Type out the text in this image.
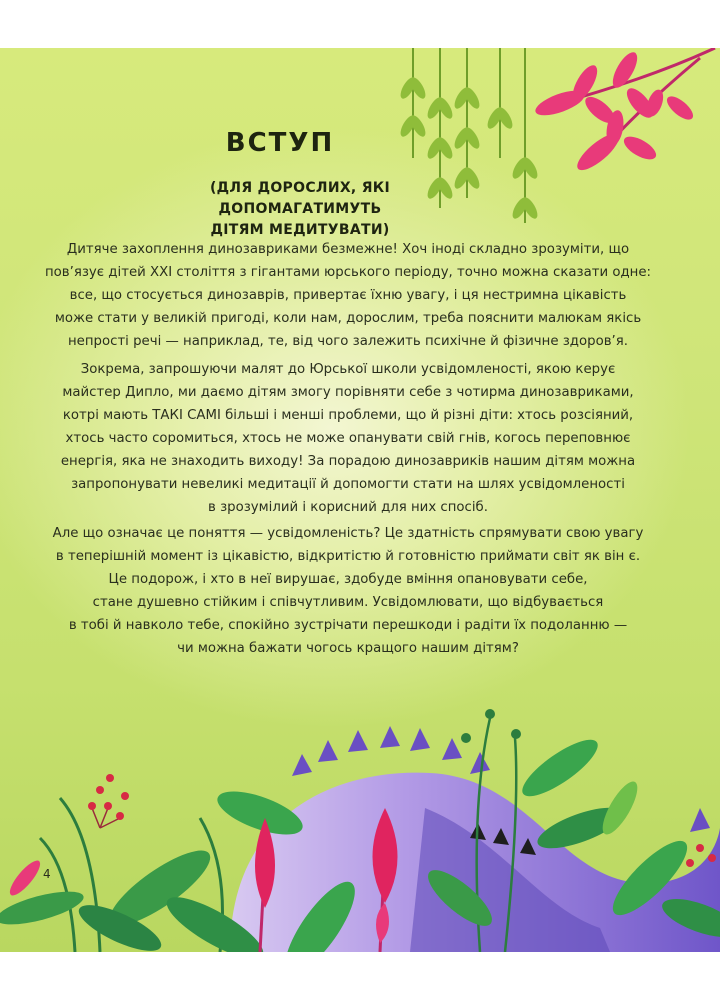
ВСТУП
(ДЛЯ ДОРОСЛИХ, ЯКІ ДОПОМАГАТИМУТЬ
ДІТЯМ МЕДИТУВАТИ)
Дитяче захоплення динозавриками безмежне! Хоч іноді складно зрозуміти, що
пов’язує дітей XXI століття з гігантами юрського періоду, точно можна сказати одне:
все, що стосується динозаврів, привертає їхню увагу, і ця нестримна цікавість
може стати у великій пригоді, коли нам, дорослим, треба пояснити малюкам якісь
непрості речі — наприклад, те, від чого залежить психічне й фізичне здоров’я.
Зокрема, запрошуючи малят до Юрської школи усвідомленості, якою керує
майстер Дипло, ми даємо дітям змогу порівняти себе з чотирма динозавриками,
котрі мають ТАКІ САМІ більші і менші проблеми, що й різні діти: хтось розсіяний,
хтось часто соромиться, хтось не може опанувати свій гнів, когось переповнює
енергія, яка не знаходить виходу! За порадою динозавриків нашим дітям можна
запропонувати невеликі медитації й допомогти стати на шлях усвідомленості
в зрозумілий і корисний для них спосіб.
Але що означає це поняття — усвідомленість? Це здатність спрямувати свою увагу
в теперішній момент із цікавістю, відкритістю й готовністю приймати світ як він є.
Це подорож, і хто в неї вирушає, здобуде вміння опановувати себе,
стане душевно стійким і співчутливим. Усвідомлювати, що відбувається
в тобі й навколо тебе, спокійно зустрічати перешкоди і радіти їх подоланню —
чи можна бажати чогось кращого нашим дітям?
4
